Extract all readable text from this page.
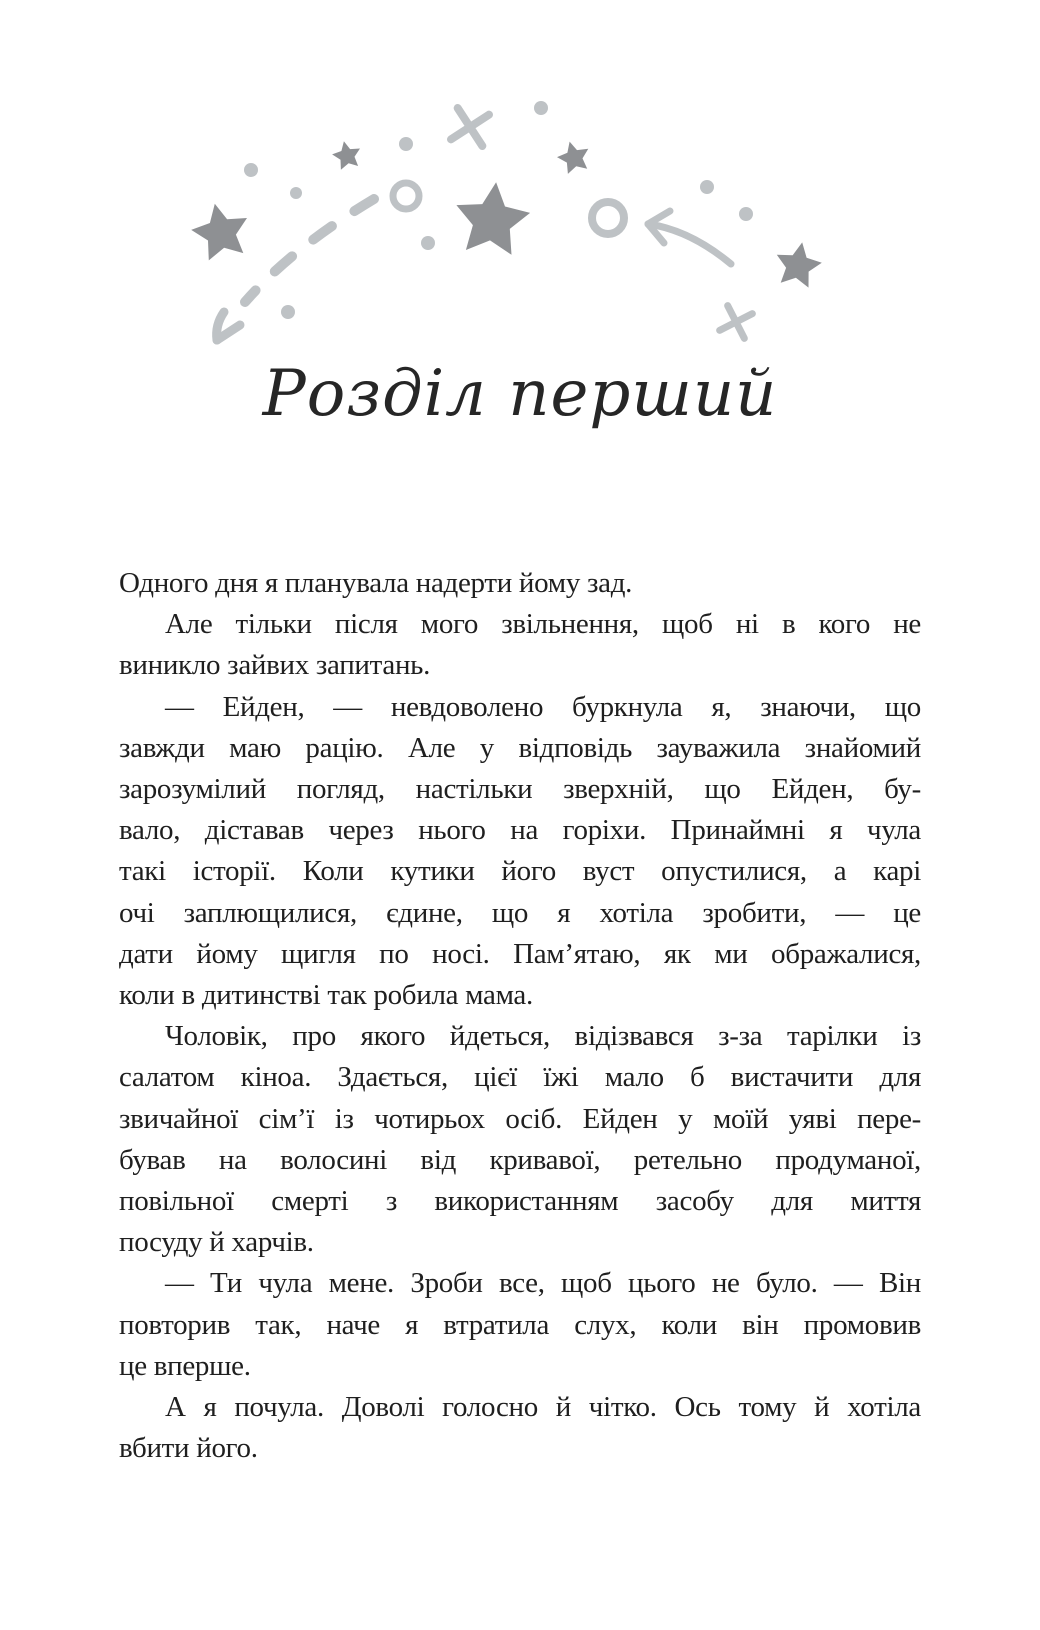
Розділ перший
Одного дня я планувала надерти йому зад.
Але тільки після мого звільнення, щоб ні в кого не
виникло зайвих запитань.
— Ейден, — невдоволено буркнула я, знаючи, що
завжди маю рацію. Але у відповідь зауважила знайомий
зарозумілий погляд, настільки зверхній, що Ейден, бу-
вало, діставав через нього на горіхи. Принаймні я чула
такі історії. Коли кутики його вуст опустилися, а карі
очі заплющилися, єдине, що я хотіла зробити, — це
дати йому щигля по носі. Пам’ятаю, як ми ображалися,
коли в дитинстві так робила мама.
Чоловік, про якого йдеться, відізвався з-за тарілки із
салатом кіноа. Здається, цієї їжі мало б вистачити для
звичайної сім’ї із чотирьох осіб. Ейден у моїй уяві пере-
бував на волосині від кривавої, ретельно продуманої,
повільної смерті з використанням засобу для миття
посуду й харчів.
— Ти чула мене. Зроби все, щоб цього не було. — Він
повторив так, наче я втратила слух, коли він промовив
це вперше.
А я почула. Доволі голосно й чітко. Ось тому й хотіла
вбити його.
